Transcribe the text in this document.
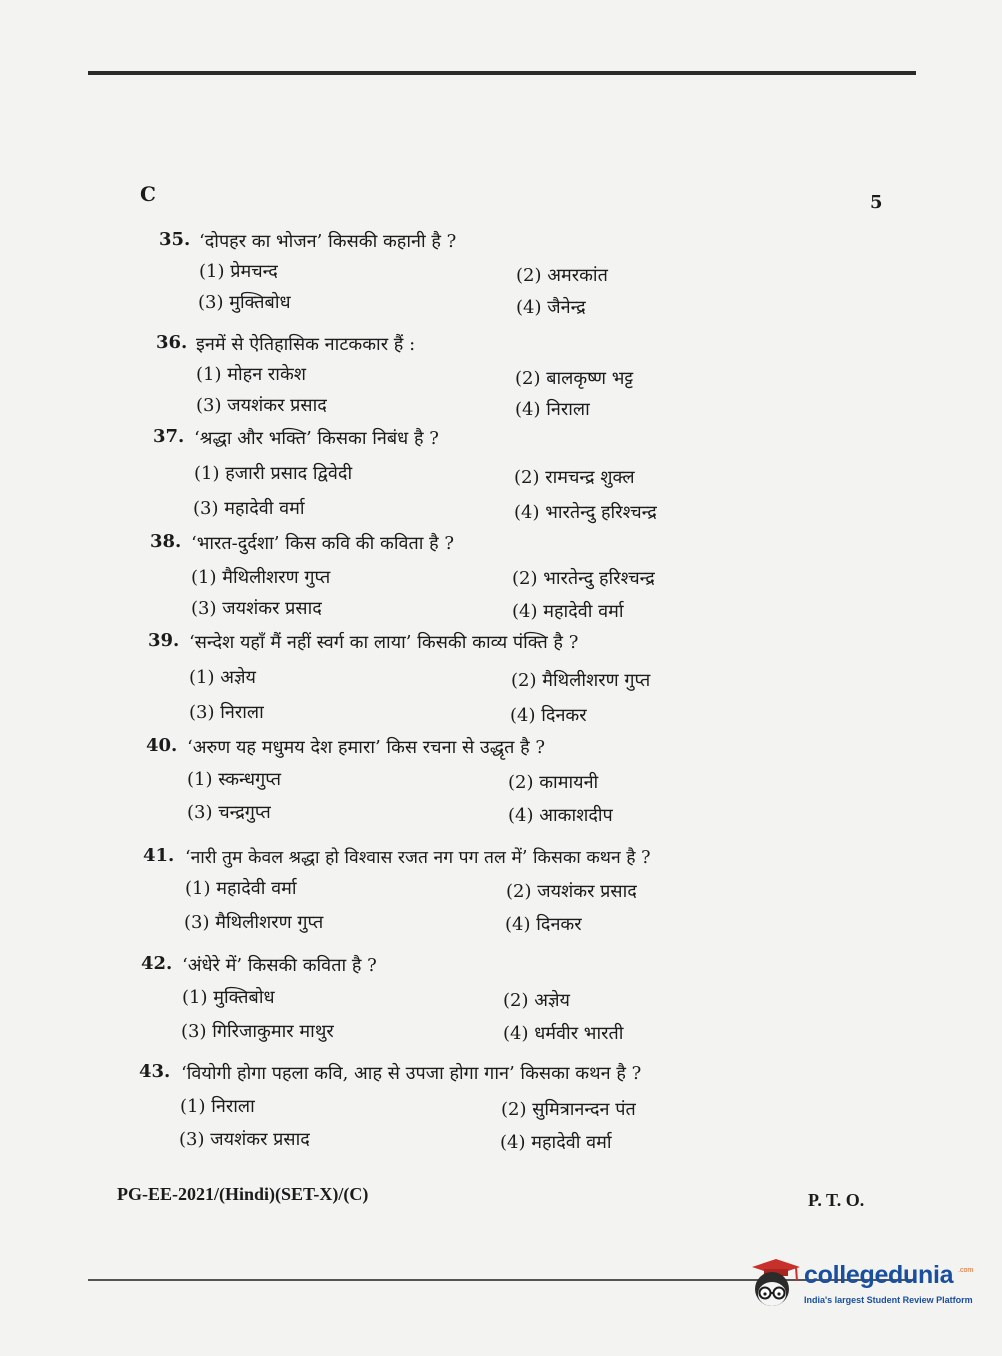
C	5
35. ‘दोपहर का भोजन’ किसकी कहानी है ?
(1) प्रेमचन्द	(2) अमरकांत
(3) मुक्तिबोध	(4) जैनेन्द्र
36. इनमें से ऐतिहासिक नाटककार हैं :
(1) मोहन राकेश	(2) बालकृष्ण भट्ट
(3) जयशंकर प्रसाद	(4) निराला
37. ‘श्रद्धा और भक्ति’ किसका निबंध है ?
(1) हजारी प्रसाद द्विवेदी	(2) रामचन्द्र शुक्ल
(3) महादेवी वर्मा	(4) भारतेन्दु हरिश्चन्द्र
38. ‘भारत-दुर्दशा’ किस कवि की कविता है ?
(1) मैथिलीशरण गुप्त	(2) भारतेन्दु हरिश्चन्द्र
(3) जयशंकर प्रसाद	(4) महादेवी वर्मा
39. ‘सन्देश यहाँ मैं नहीं स्वर्ग का लाया’ किसकी काव्य पंक्ति है ?
(1) अज्ञेय	(2) मैथिलीशरण गुप्त
(3) निराला	(4) दिनकर
40. ‘अरुण यह मधुमय देश हमारा’ किस रचना से उद्धृत है ?
(1) स्कन्धगुप्त	(2) कामायनी
(3) चन्द्रगुप्त	(4) आकाशदीप
41. ‘नारी तुम केवल श्रद्धा हो विश्वास रजत नग पग तल में’ किसका कथन है ?
(1) महादेवी वर्मा	(2) जयशंकर प्रसाद
(3) मैथिलीशरण गुप्त	(4) दिनकर
42. ‘अंधेरे में’ किसकी कविता है ?
(1) मुक्तिबोध	(2) अज्ञेय
(3) गिरिजाकुमार माथुर	(4) धर्मवीर भारती
43. ‘वियोगी होगा पहला कवि, आह से उपजा होगा गान’ किसका कथन है ?
(1) निराला	(2) सुमित्रानन्दन पंत
(3) जयशंकर प्रसाद	(4) महादेवी वर्मा
PG-EE-2021/(Hindi)(SET-X)/(C)	P. T. O.
collegedunia .com
India's largest Student Review Platform
